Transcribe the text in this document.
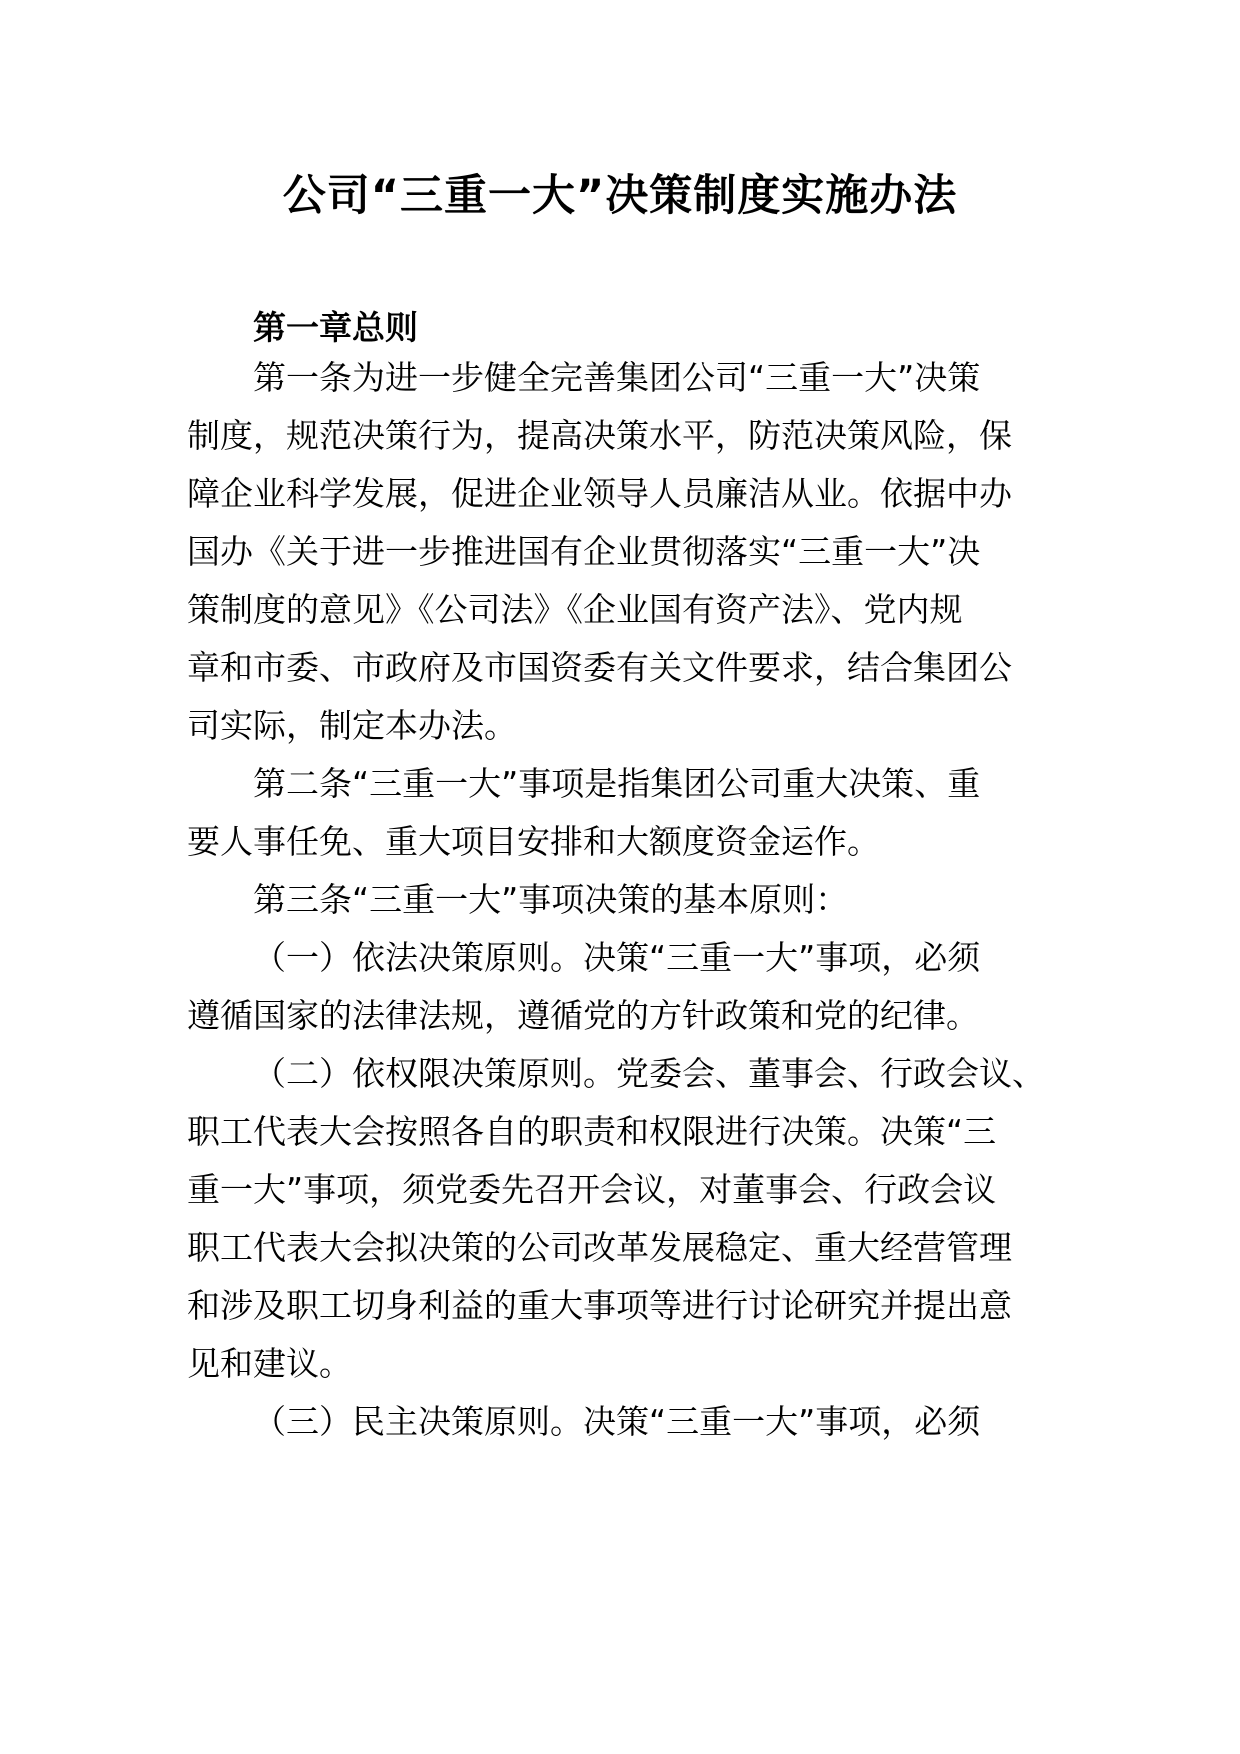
公司“三重一大”决策制度实施办法
第一章总则
第一条为进一步健全完善集团公司“三重一大”决策
制度，规范决策行为，提高决策水平，防范决策风险，保
障企业科学发展，促进企业领导人员廉洁从业。依据中办
国办《关于进一步推进国有企业贯彻落实“三重一大”决
策制度的意见》《公司法》《企业国有资产法》、党内规
章和市委、市政府及市国资委有关文件要求，结合集团公
司实际，制定本办法。
第二条“三重一大”事项是指集团公司重大决策、重
要人事任免、重大项目安排和大额度资金运作。
第三条“三重一大”事项决策的基本原则：
（一）依法决策原则。决策“三重一大”事项，必须
遵循国家的法律法规，遵循党的方针政策和党的纪律。
（二）依权限决策原则。党委会、董事会、行政会议、
职工代表大会按照各自的职责和权限进行决策。决策“三
重一大”事项，须党委先召开会议，对董事会、行政会议
职工代表大会拟决策的公司改革发展稳定、重大经营管理
和涉及职工切身利益的重大事项等进行讨论研究并提出意
见和建议。
（三）民主决策原则。决策“三重一大”事项，必须
